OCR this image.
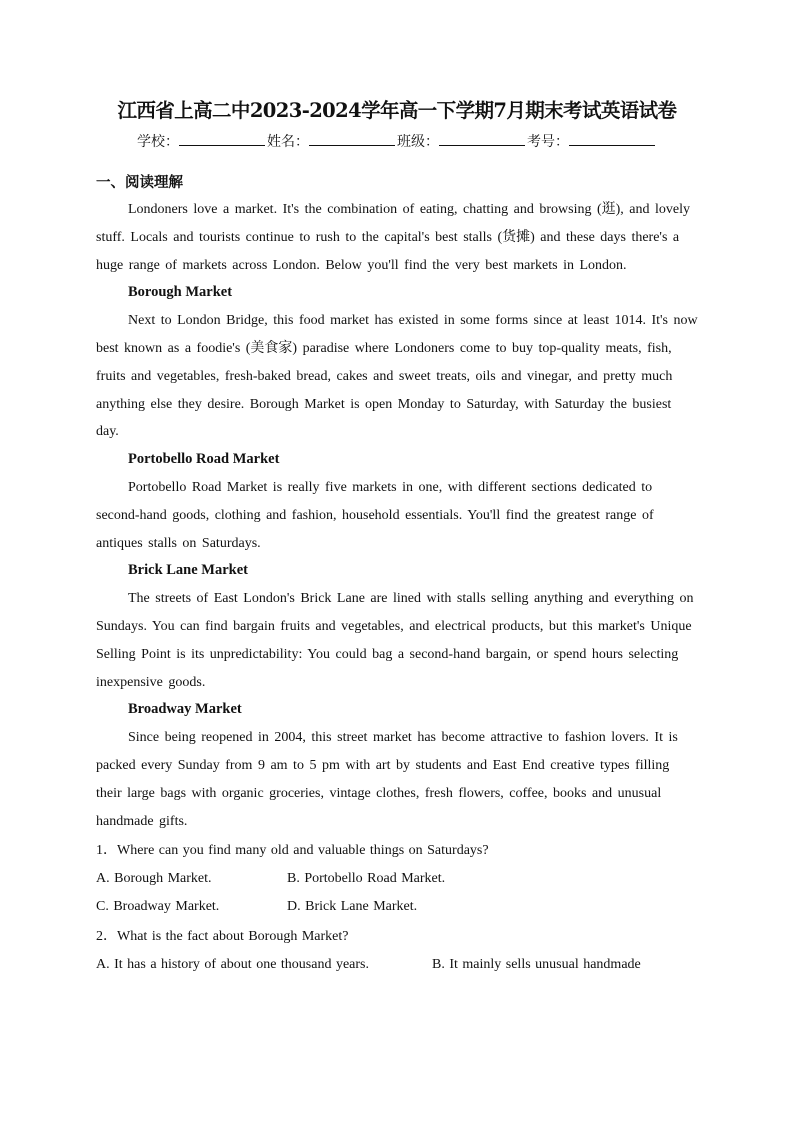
江西省上高二中2023-2024学年高一下学期7月期末考试英语试卷
学校：	姓名：	班级：	考号：
一、阅读理解

Londoners love a market. It's the combination of eating, chatting and browsing (逛), and lovely stuff. Locals and tourists continue to rush to the capital's best stalls (货摊) and these days there's a huge range of markets across London. Below you'll find the very best markets in London.

Borough Market

Next to London Bridge, this food market has existed in some forms since at least 1014. It's now best known as a foodie's (美食家) paradise where Londoners come to buy top-quality meats, fish, fruits and vegetables, fresh-baked bread, cakes and sweet treats, oils and vinegar, and pretty much anything else they desire. Borough Market is open Monday to Saturday, with Saturday the busiest day.

Portobello Road Market

Portobello Road Market is really five markets in one, with different sections dedicated to second-hand goods, clothing and fashion, household essentials. You'll find the greatest range of antiques stalls on Saturdays.

Brick Lane Market

The streets of East London's Brick Lane are lined with stalls selling anything and everything on Sundays. You can find bargain fruits and vegetables, and electrical products, but this market's Unique Selling Point is its unpredictability: You could bag a second-hand bargain, or spend hours selecting inexpensive goods.

Broadway Market

Since being reopened in 2004, this street market has become attractive to fashion lovers. It is packed every Sunday from 9 am to 5 pm with art by students and East End creative types filling their large bags with organic groceries, vintage clothes, fresh flowers, coffee, books and unusual handmade gifts.

1．Where can you find many old and valuable things on Saturdays?
A. Borough Market.	B. Portobello Road Market.
C. Broadway Market.	D. Brick Lane Market.
2．What is the fact about Borough Market?
A. It has a history of about one thousand years.	B. It mainly sells unusual handmade
